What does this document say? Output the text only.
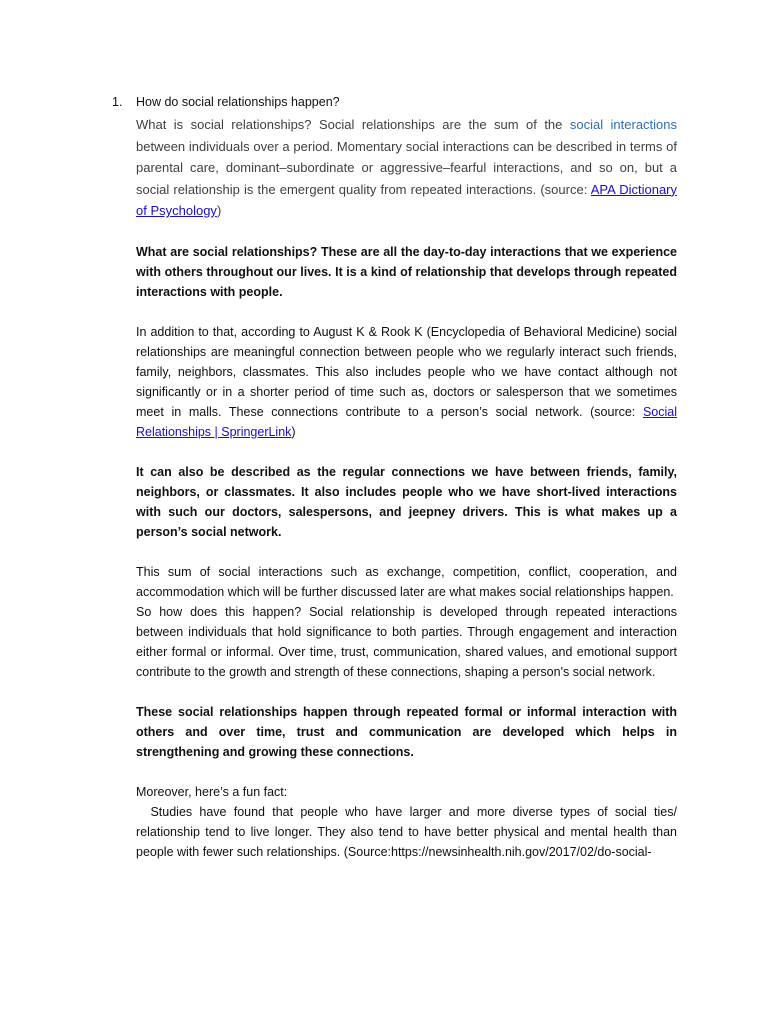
1. How do social relationships happen?

What is social relationships? Social relationships are the sum of the social interactions between individuals over a period. Momentary social interactions can be described in terms of parental care, dominant–subordinate or aggressive–fearful interactions, and so on, but a social relationship is the emergent quality from repeated interactions. (source: APA Dictionary of Psychology)

What are social relationships? These are all the day-to-day interactions that we experience with others throughout our lives. It is a kind of relationship that develops through repeated interactions with people.

In addition to that, according to August K & Rook K (Encyclopedia of Behavioral Medicine) social relationships are meaningful connection between people who we regularly interact such friends, family, neighbors, classmates. This also includes people who we have contact although not significantly or in a shorter period of time such as, doctors or salesperson that we sometimes meet in malls. These connections contribute to a person’s social network. (source: Social Relationships | SpringerLink)

It can also be described as the regular connections we have between friends, family, neighbors, or classmates. It also includes people who we have short-lived interactions with such our doctors, salespersons, and jeepney drivers. This is what makes up a person’s social network.

This sum of social interactions such as exchange, competition, conflict, cooperation, and accommodation which will be further discussed later are what makes social relationships happen.

So how does this happen? Social relationship is developed through repeated interactions between individuals that hold significance to both parties. Through engagement and interaction either formal or informal. Over time, trust, communication, shared values, and emotional support contribute to the growth and strength of these connections, shaping a person's social network.

These social relationships happen through repeated formal or informal interaction with others and over time, trust and communication are developed which helps in strengthening and growing these connections.

Moreover, here’s a fun fact:

Studies have found that people who have larger and more diverse types of social ties/ relationship tend to live longer. They also tend to have better physical and mental health than people with fewer such relationships. (Source:https://newsinhealth.nih.gov/2017/02/do-social-
